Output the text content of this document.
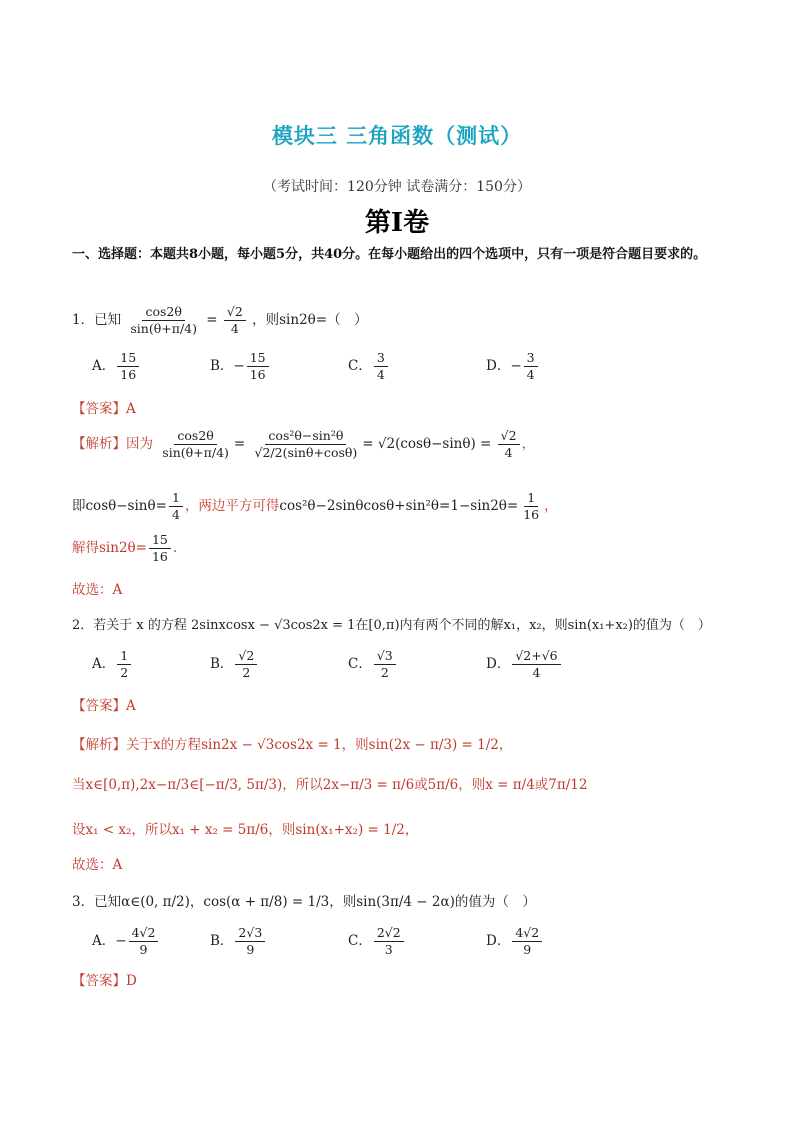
模块三 三角函数（测试）
（考试时间：120分钟 试卷满分：150分）
第I卷
一、选择题：本题共8小题，每小题5分，共40分。在每小题给出的四个选项中，只有一项是符合题目要求的。
1．已知 $\frac{\cos 2\theta}{\sin(\theta+\pi/4)} = \frac{√2}{4}$ ，则sin2θ=（　）
A． $\frac{15}{16}$	B．− $\frac{15}{16}$	C． $\frac{3}{4}$	D．− $\frac{3}{4}$
【答案】A
【解析】因为 $\frac{\cos 2\theta}{\sin(\theta+\pi/4)} = \frac{\text{cos²θ−sin²θ}}{√2/2(\sin\theta+\cos\theta)} = √2(\cos\theta-\sin\theta) = \frac{√2}{4}$ ，
即$\cos\theta-\sin\theta= \frac{1}{4}$ ，两边平方可得$\cos^2\theta-2\sin\theta\cos\theta+\sin^2\theta=1-\sin 2\theta= \frac{1}{16}$ ，
解得$\sin 2\theta= \frac{15}{16}$ .
故选：A
2．若关于 x 的方程 2sinxcosx − √3cos2x = 1在[0,π)内有两个不同的解x₁，x₂，则sin(x₁+x₂)的值为（　）
A． $\frac{1}{2}$	B． $\frac{√2}{2}$	C． $\frac{√3}{2}$	D． $\frac{√2+√6}{4}$
【答案】A
【解析】关于x的方程sin2x − √3cos2x = 1，则sin(2x − π/3) = 1/2，
当x∈[0,π),2x−π/3∈[−π/3, 5π/3)，所以2x−π/3 = π/6或5π/6，则x = π/4或7π/12
设x₁ < x₂，所以x₁ + x₂ = 5π/6，则sin(x₁+x₂) = 1/2，
故选：A
3．已知α∈(0, π/2)，cos(α + π/8) = 1/3，则sin(3π/4 − 2α)的值为（　）
A．− $\frac{4√2}{9}$	B． $\frac{2√3}{9}$	C． $\frac{2√2}{3}$	D． $\frac{4√2}{9}$
【答案】D
